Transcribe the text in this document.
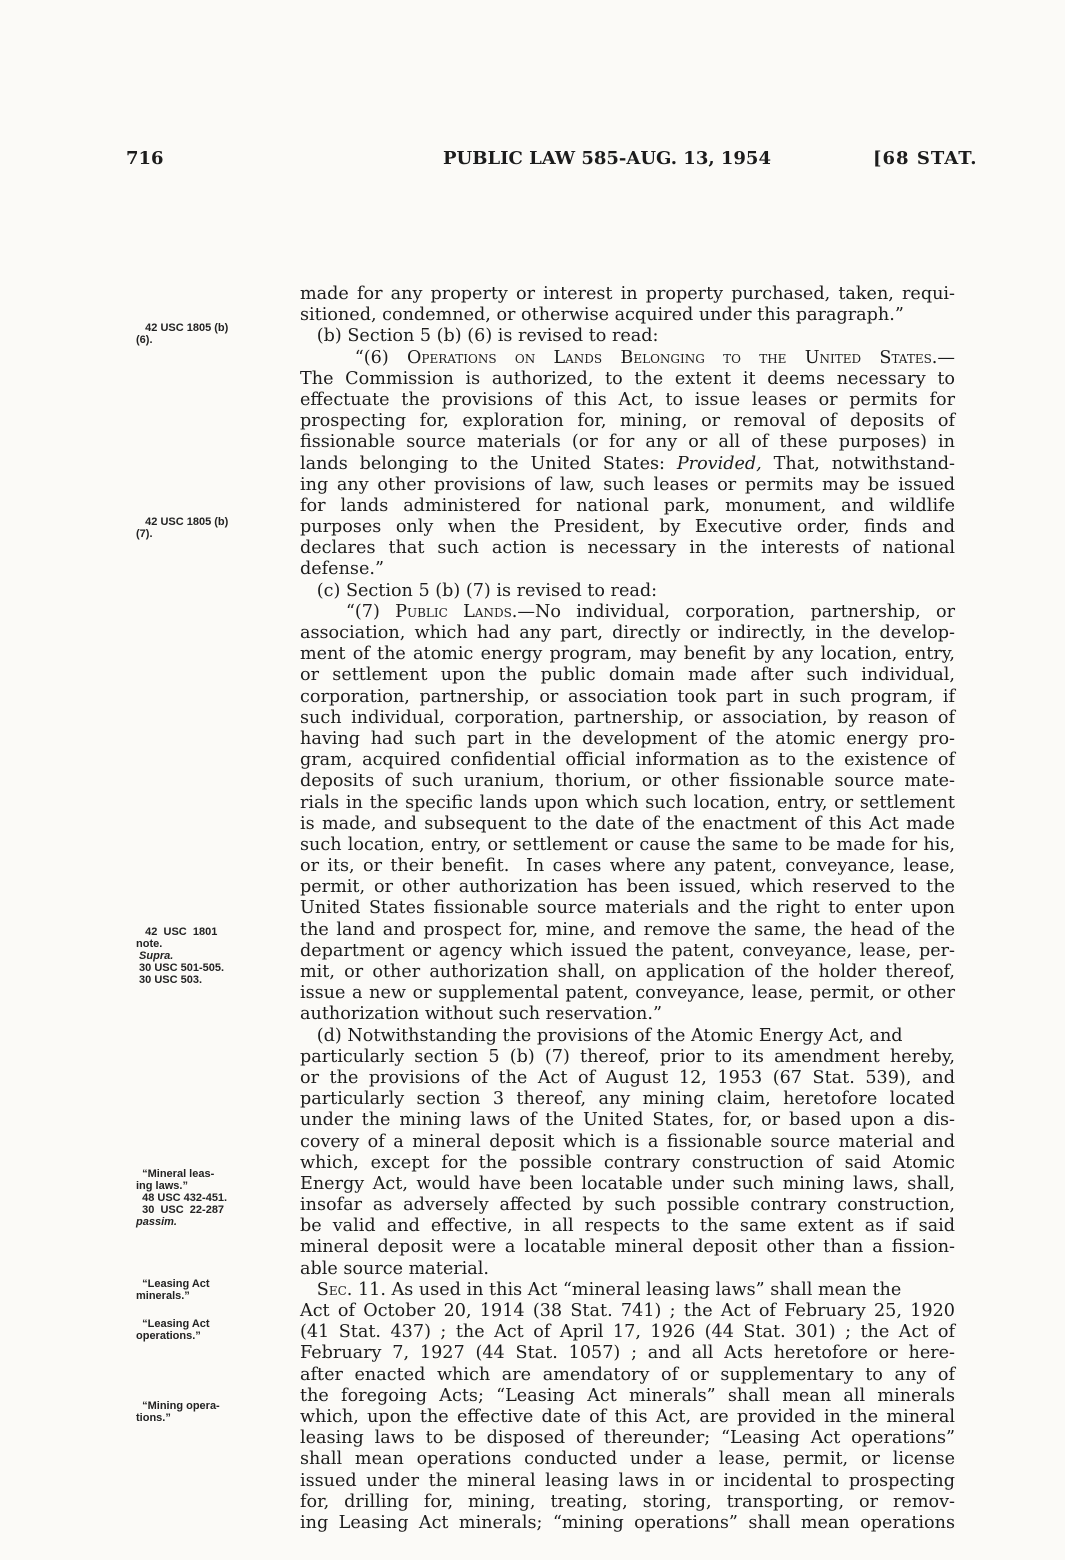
716	PUBLIC LAW 585-AUG. 13, 1954	[68 STAT.
42 USC 1805 (b)
(6).
42 USC 1805 (b)
(7).
42  USC  1801
note.
Supra.
30 USC 501-505.
30 USC 503.
“Mineral leas-
ing laws.”
48 USC 432-451.
30  USC  22-287
passim.
“Leasing Act
minerals.”
“Leasing Act
operations.”
“Mining opera-
tions.”
made for any property or interest in property purchased, taken, requi-
sitioned, condemned, or otherwise acquired under this paragraph.”
(b) Section 5 (b) (6) is revised to read:
“(6) Operations on Lands Belonging to the United States.—
The Commission is authorized, to the extent it deems necessary to
effectuate the provisions of this Act, to issue leases or permits for
prospecting for, exploration for, mining, or removal of deposits of
fissionable source materials (or for any or all of these purposes) in
lands belonging to the United States: Provided, That, notwithstand-
ing any other provisions of law, such leases or permits may be issued
for lands administered for national park, monument, and wildlife
purposes only when the President, by Executive order, finds and
declares that such action is necessary in the interests of national
defense.”
(c) Section 5 (b) (7) is revised to read:
“(7) Public Lands.—No individual, corporation, partnership, or
association, which had any part, directly or indirectly, in the develop-
ment of the atomic energy program, may benefit by any location, entry,
or settlement upon the public domain made after such individual,
corporation, partnership, or association took part in such program, if
such individual, corporation, partnership, or association, by reason of
having had such part in the development of the atomic energy pro-
gram, acquired confidential official information as to the existence of
deposits of such uranium, thorium, or other fissionable source mate-
rials in the specific lands upon which such location, entry, or settlement
is made, and subsequent to the date of the enactment of this Act made
such location, entry, or settlement or cause the same to be made for his,
or its, or their benefit.  In cases where any patent, conveyance, lease,
permit, or other authorization has been issued, which reserved to the
United States fissionable source materials and the right to enter upon
the land and prospect for, mine, and remove the same, the head of the
department or agency which issued the patent, conveyance, lease, per-
mit, or other authorization shall, on application of the holder thereof,
issue a new or supplemental patent, conveyance, lease, permit, or other
authorization without such reservation.”
(d) Notwithstanding the provisions of the Atomic Energy Act, and
particularly section 5 (b) (7) thereof, prior to its amendment hereby,
or the provisions of the Act of August 12, 1953 (67 Stat. 539), and
particularly section 3 thereof, any mining claim, heretofore located
under the mining laws of the United States, for, or based upon a dis-
covery of a mineral deposit which is a fissionable source material and
which, except for the possible contrary construction of said Atomic
Energy Act, would have been locatable under such mining laws, shall,
insofar as adversely affected by such possible contrary construction,
be valid and effective, in all respects to the same extent as if said
mineral deposit were a locatable mineral deposit other than a fission-
able source material.
Sec. 11. As used in this Act “mineral leasing laws” shall mean the
Act of October 20, 1914 (38 Stat. 741) ; the Act of February 25, 1920
(41 Stat. 437) ; the Act of April 17, 1926 (44 Stat. 301) ; the Act of
February 7, 1927 (44 Stat. 1057) ; and all Acts heretofore or here-
after enacted which are amendatory of or supplementary to any of
the foregoing Acts; “Leasing Act minerals” shall mean all minerals
which, upon the effective date of this Act, are provided in the mineral
leasing laws to be disposed of thereunder; “Leasing Act operations”
shall mean operations conducted under a lease, permit, or license
issued under the mineral leasing laws in or incidental to prospecting
for, drilling for, mining, treating, storing, transporting, or remov-
ing Leasing Act minerals; “mining operations” shall mean operations
